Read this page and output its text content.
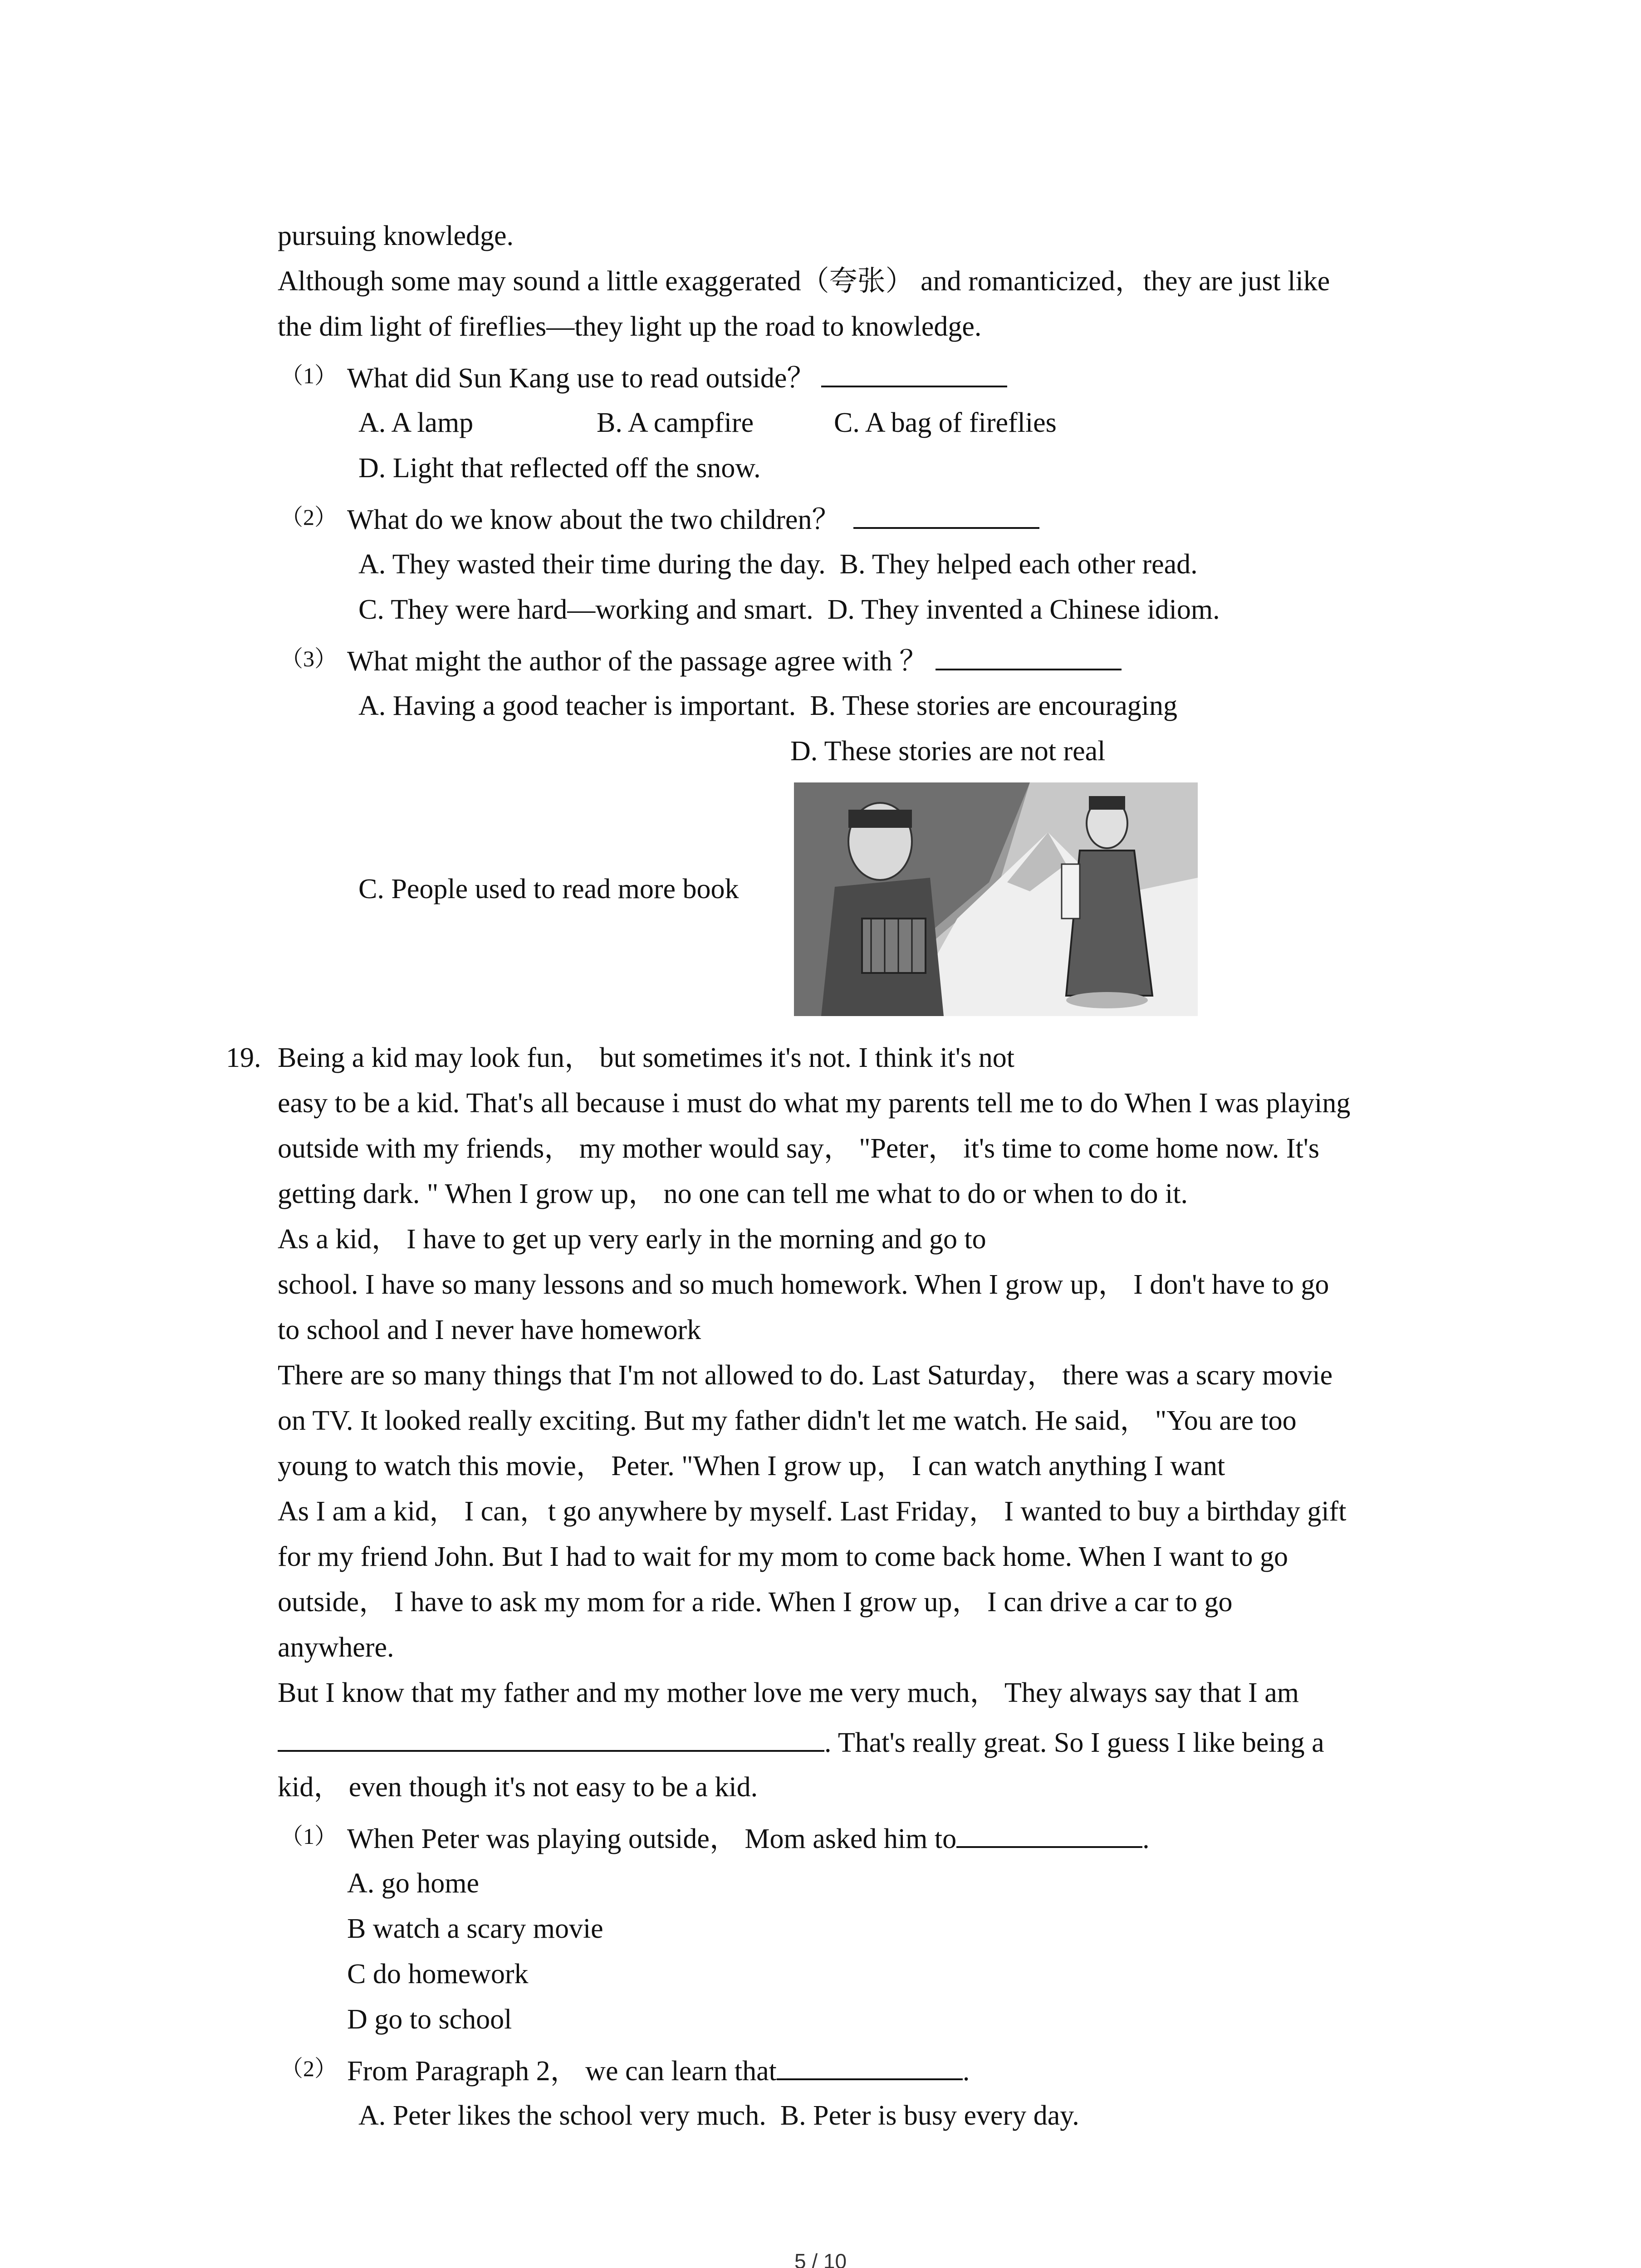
pursuing knowledge.
Although some may sound a little exaggerated（夸张） and romanticized，they are just like
the dim light of fireflies—they light up the road to knowledge.
（1） What did Sun Kang use to read outside？
A. A lamp	B. A campfire	C. A bag of fireflies
D. Light that reflected off the snow.
（2） What do we know about the two children？
A. They wasted their time during the day. B. They helped each other read.
C. They were hard—working and smart. D. They invented a Chinese idiom.
（3） What might the author of the passage agree with ？
A. Having a good teacher is important. B. These stories are encouraging
D. These stories are not real
C. People used to read more book
19. Being a kid may look fun， but sometimes it's not. I think it's not
easy to be a kid. That's all because i must do what my parents tell me to do When I was playing
outside with my friends， my mother would say， "Peter， it's time to come home now. It's
getting dark. " When I grow up， no one can tell me what to do or when to do it.
As a kid， I have to get up very early in the morning and go to
school. I have so many lessons and so much homework. When I grow up， I don't have to go
to school and I never have homework
There are so many things that I'm not allowed to do. Last Saturday， there was a scary movie
on TV. It looked really exciting. But my father didn't let me watch. He said， "You are too
young to watch this movie， Peter. "When I grow up， I can watch anything I want
As I am a kid， I can，t go anywhere by myself. Last Friday， I wanted to buy a birthday gift
for my friend John. But I had to wait for my mom to come back home. When I want to go
outside， I have to ask my mom for a ride. When I grow up， I can drive a car to go
anywhere.
But I know that my father and my mother love me very much， They always say that I am
. That's really great. So I guess I like being a
kid， even though it's not easy to be a kid.
（1） When Peter was playing outside， Mom asked him to	.
A. go home
B watch a scary movie
C do homework
D go to school
（2） From Paragraph 2， we can learn that	.
A. Peter likes the school very much. B. Peter is busy every day.
5 / 10
